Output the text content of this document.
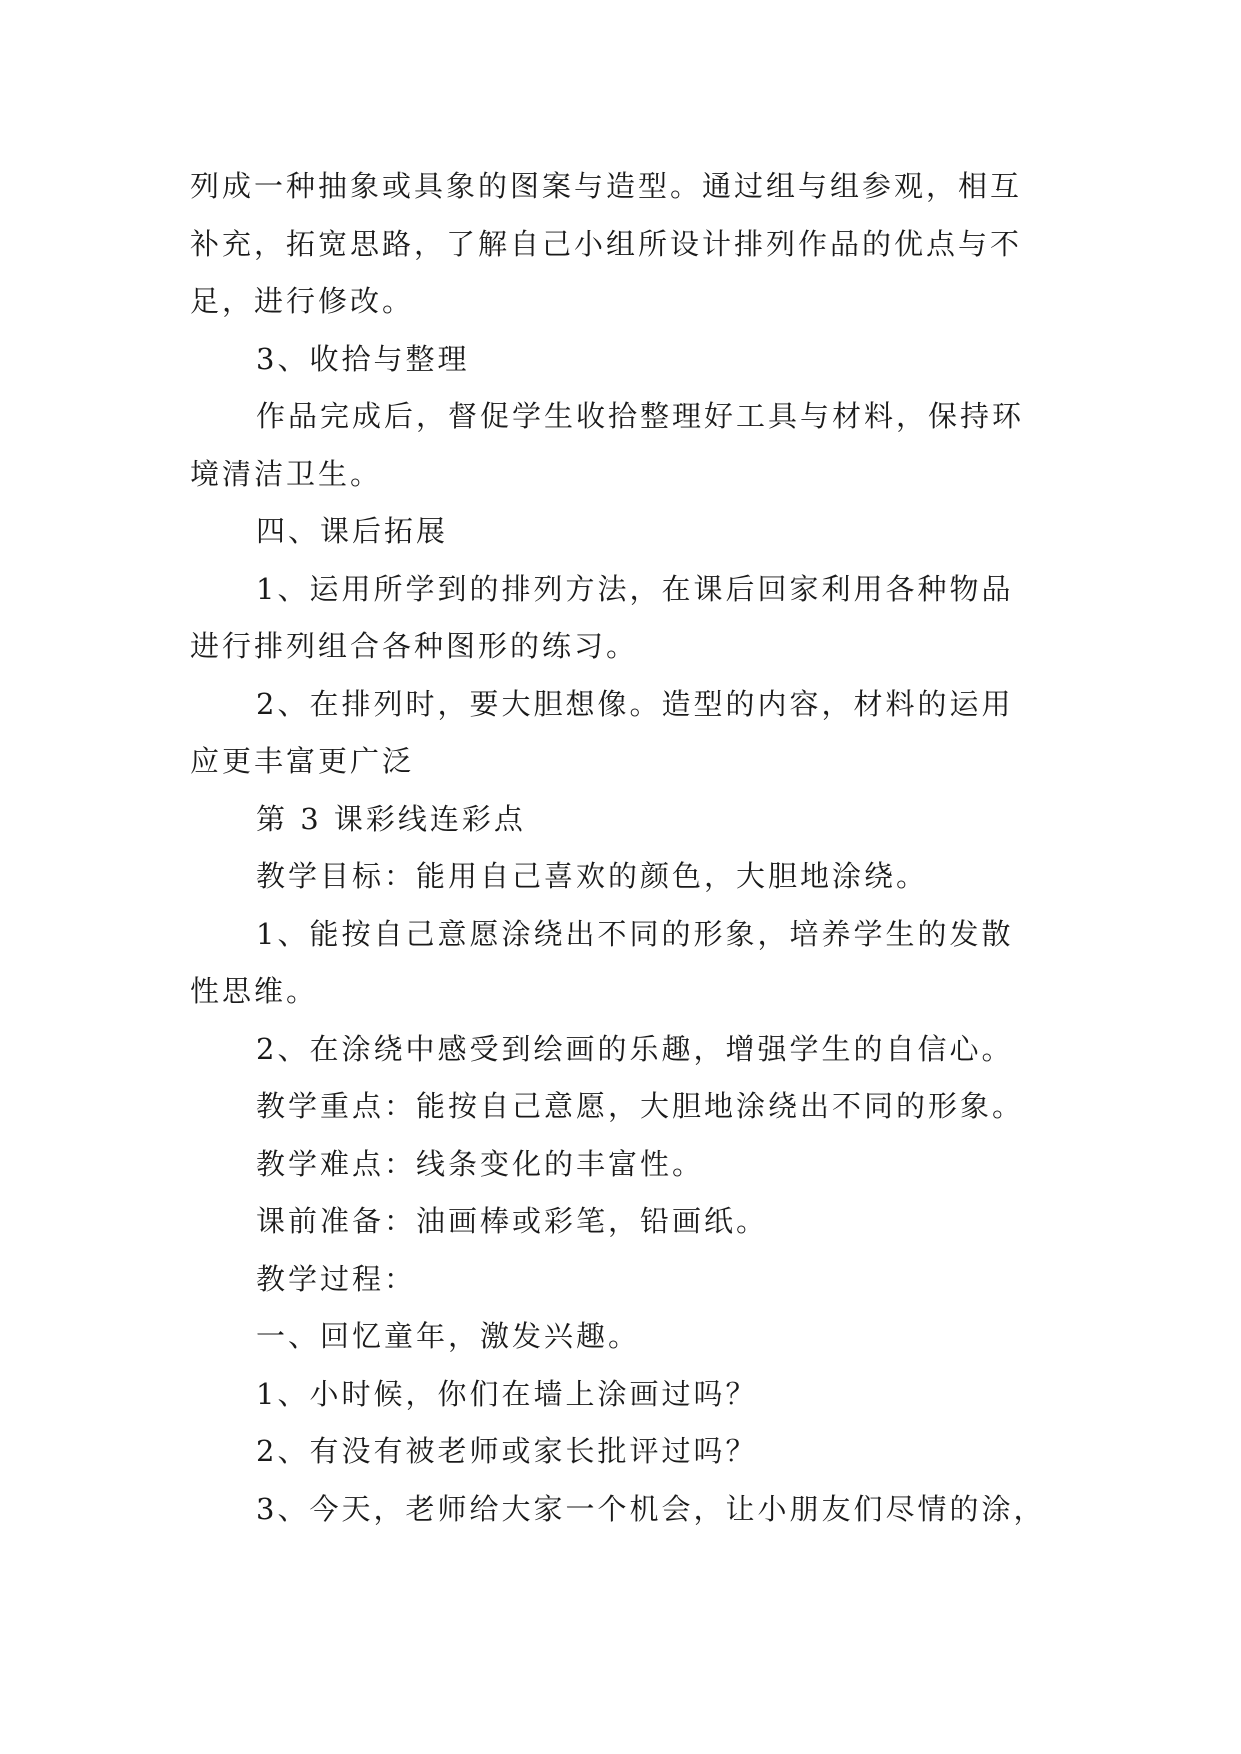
列成一种抽象或具象的图案与造型。通过组与组参观，相互

补充，拓宽思路，了解自己小组所设计排列作品的优点与不

足，进行修改。

3、收拾与整理

作品完成后，督促学生收拾整理好工具与材料，保持环

境清洁卫生。

四、课后拓展

1、运用所学到的排列方法，在课后回家利用各种物品

进行排列组合各种图形的练习。

2、在排列时，要大胆想像。造型的内容，材料的运用

应更丰富更广泛

第 3 课彩线连彩点

教学目标：能用自己喜欢的颜色，大胆地涂绕。

1、能按自己意愿涂绕出不同的形象，培养学生的发散

性思维。

2、在涂绕中感受到绘画的乐趣，增强学生的自信心。

教学重点：能按自己意愿，大胆地涂绕出不同的形象。

教学难点：线条变化的丰富性。

课前准备：油画棒或彩笔，铅画纸。

教学过程：

一、回忆童年，激发兴趣。

1、小时候，你们在墙上涂画过吗？

2、有没有被老师或家长批评过吗？

3、今天，老师给大家一个机会，让小朋友们尽情的涂，
